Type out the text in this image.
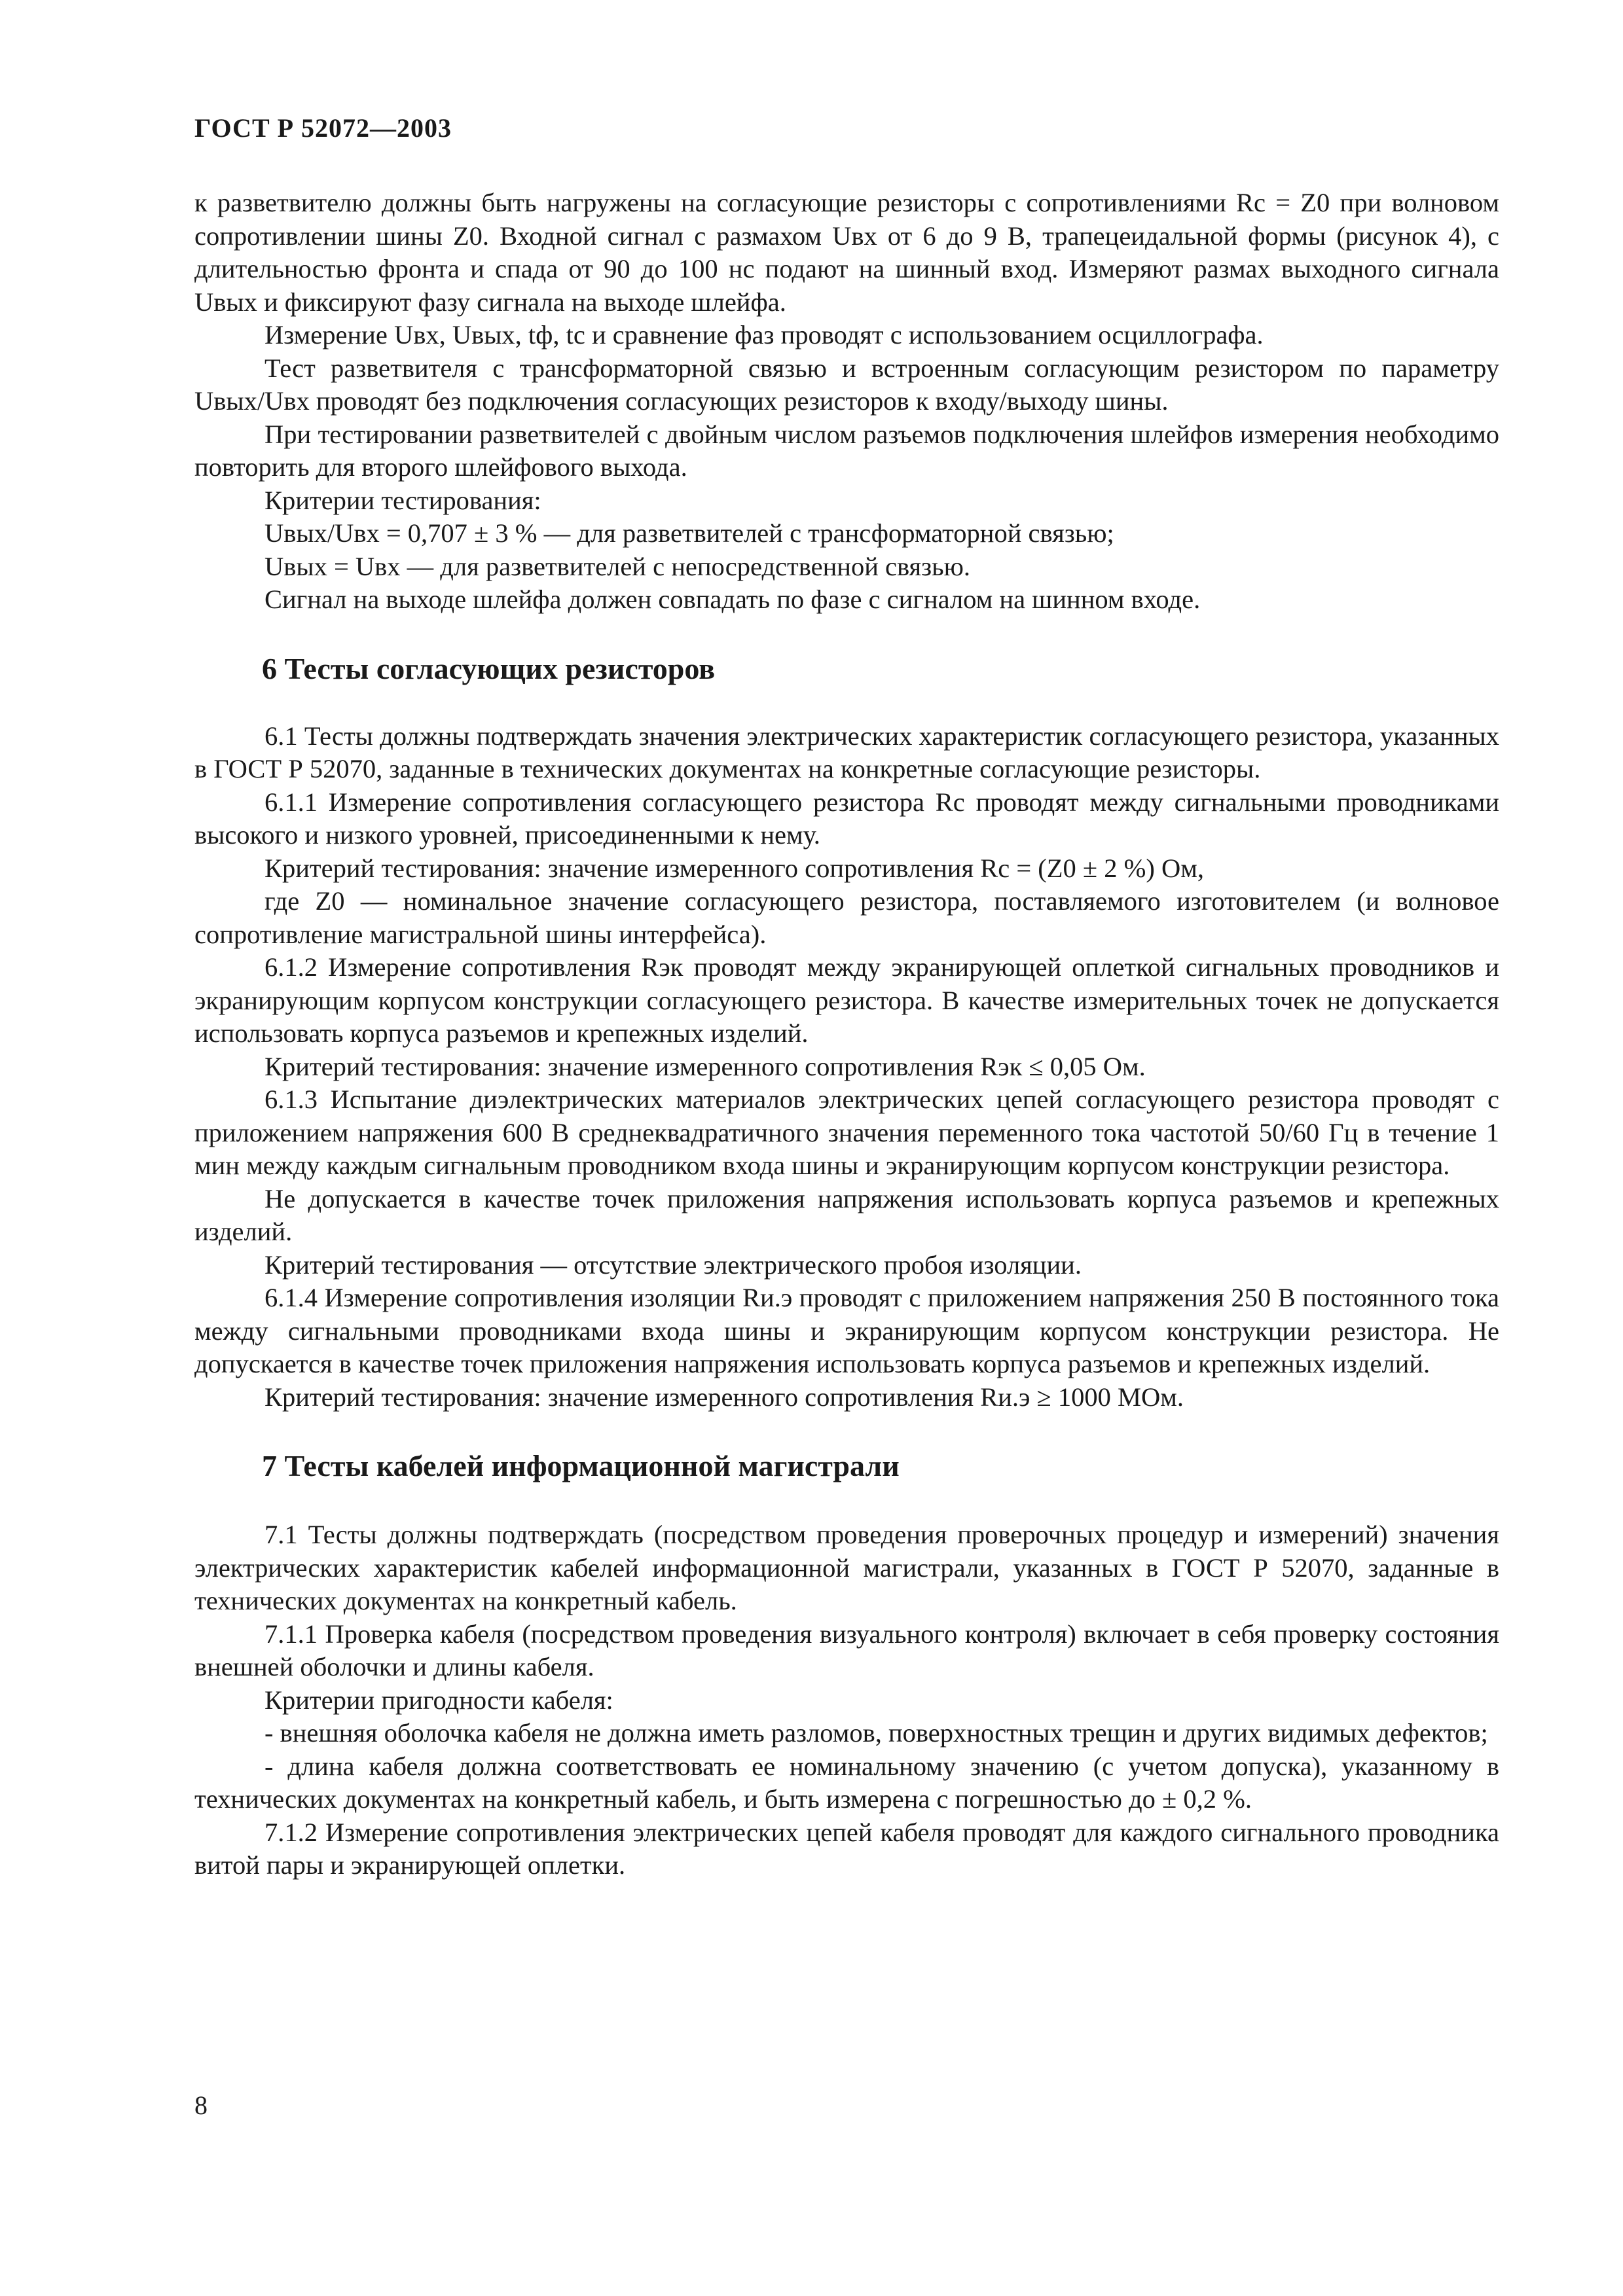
ГОСТ Р 52072—2003

к разветвителю должны быть нагружены на согласующие резисторы с сопротивлениями Rc = Z0 при волновом сопротивлении шины Z0. Входной сигнал с размахом Uвх от 6 до 9 В, трапецеидальной формы (рисунок 4), с длительностью фронта и спада от 90 до 100 нс подают на шинный вход. Измеряют размах выходного сигнала Uвых и фиксируют фазу сигнала на выходе шлейфа.

Измерение Uвх, Uвых, tф, tc и сравнение фаз проводят с использованием осциллографа.

Тест разветвителя с трансформаторной связью и встроенным согласующим резистором по параметру Uвых/Uвх проводят без подключения согласующих резисторов к входу/выходу шины.

При тестировании разветвителей с двойным числом разъемов подключения шлейфов измерения необходимо повторить для второго шлейфового выхода.

Критерии тестирования:

Uвых/Uвх = 0,707 ± 3 % — для разветвителей с трансформаторной связью;

Uвых = Uвх — для разветвителей с непосредственной связью.

Сигнал на выходе шлейфа должен совпадать по фазе с сигналом на шинном входе.

6 Тесты согласующих резисторов

6.1 Тесты должны подтверждать значения электрических характеристик согласующего резистора, указанных в ГОСТ Р 52070, заданные в технических документах на конкретные согласующие резисторы.

6.1.1 Измерение сопротивления согласующего резистора Rc проводят между сигнальными проводниками высокого и низкого уровней, присоединенными к нему.

Критерий тестирования: значение измеренного сопротивления Rc = (Z0 ± 2 %) Ом,

где Z0 — номинальное значение согласующего резистора, поставляемого изготовителем (и волновое сопротивление магистральной шины интерфейса).

6.1.2 Измерение сопротивления Rэк проводят между экранирующей оплеткой сигнальных проводников и экранирующим корпусом конструкции согласующего резистора. В качестве измерительных точек не допускается использовать корпуса разъемов и крепежных изделий.

Критерий тестирования: значение измеренного сопротивления Rэк ≤ 0,05 Ом.

6.1.3 Испытание диэлектрических материалов электрических цепей согласующего резистора проводят с приложением напряжения 600 В среднеквадратичного значения переменного тока частотой 50/60 Гц в течение 1 мин между каждым сигнальным проводником входа шины и экранирующим корпусом конструкции резистора.

Не допускается в качестве точек приложения напряжения использовать корпуса разъемов и крепежных изделий.

Критерий тестирования — отсутствие электрического пробоя изоляции.

6.1.4 Измерение сопротивления изоляции Rи.э проводят с приложением напряжения 250 В постоянного тока между сигнальными проводниками входа шины и экранирующим корпусом конструкции резистора. Не допускается в качестве точек приложения напряжения использовать корпуса разъемов и крепежных изделий.

Критерий тестирования: значение измеренного сопротивления Rи.э ≥ 1000 МОм.

7 Тесты кабелей информационной магистрали

7.1 Тесты должны подтверждать (посредством проведения проверочных процедур и измерений) значения электрических характеристик кабелей информационной магистрали, указанных в ГОСТ Р 52070, заданные в технических документах на конкретный кабель.

7.1.1 Проверка кабеля (посредством проведения визуального контроля) включает в себя проверку состояния внешней оболочки и длины кабеля.

Критерии пригодности кабеля:

- внешняя оболочка кабеля не должна иметь разломов, поверхностных трещин и других видимых дефектов;

- длина кабеля должна соответствовать ее номинальному значению (с учетом допуска), указанному в технических документах на конкретный кабель, и быть измерена с погрешностью до ± 0,2 %.

7.1.2 Измерение сопротивления электрических цепей кабеля проводят для каждого сигнального проводника витой пары и экранирующей оплетки.

8
